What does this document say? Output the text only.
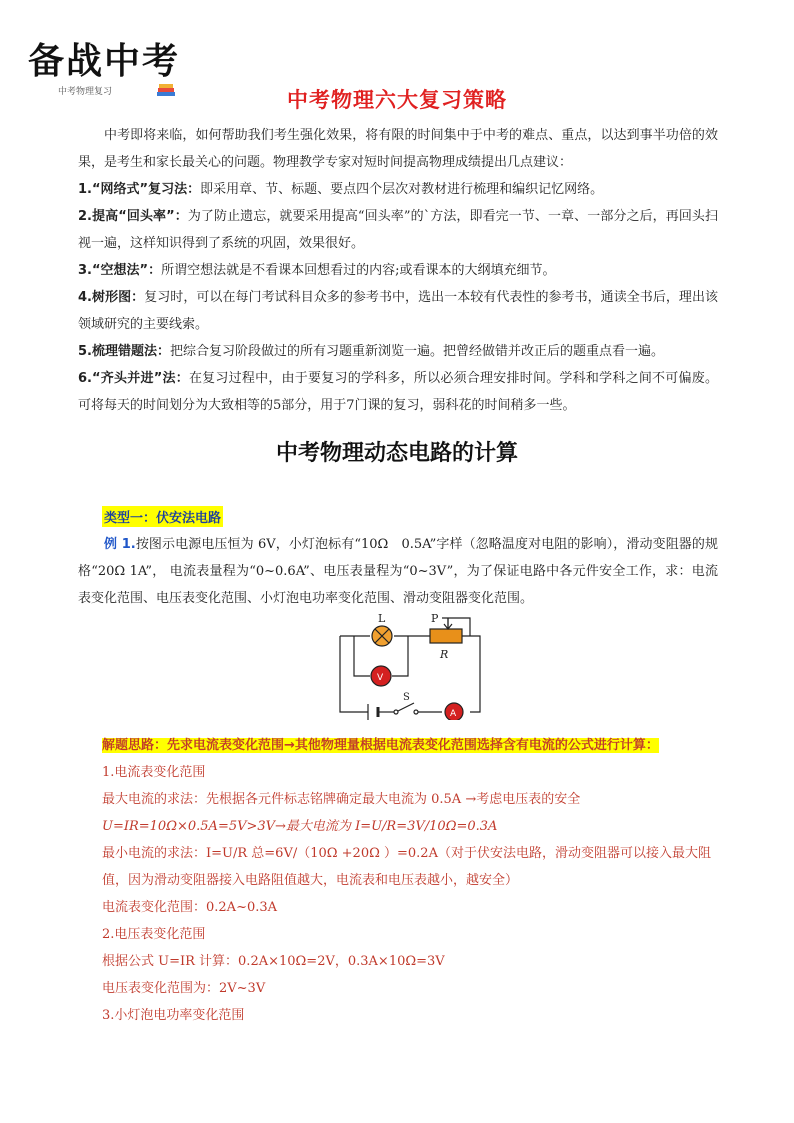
备战中考
中考物理复习	中考物理六大复习策略

中考即将来临，如何帮助我们考生强化效果，将有限的时间集中于中考的难点、重点，以达到事半功倍的效果，是考生和家长最关心的问题。物理教学专家对短时间提高物理成绩提出几点建议：

1.“网络式”复习法：即采用章、节、标题、要点四个层次对教材进行梳理和编织记忆网络。

2.提高“回头率”：为了防止遗忘，就要采用提高“回头率”的`方法，即看完一节、一章、一部分之后，再回头扫视一遍，这样知识得到了系统的巩固，效果很好。

3.“空想法”：所谓空想法就是不看课本回想看过的内容;或看课本的大纲填充细节。

4.树形图：复习时，可以在每门考试科目众多的参考书中，选出一本较有代表性的参考书，通读全书后，理出该领域研究的主要线索。

5.梳理错题法：把综合复习阶段做过的所有习题重新浏览一遍。把曾经做错并改正后的题重点看一遍。

6.“齐头并进”法：在复习过程中，由于要复习的学科多，所以必须合理安排时间。学科和学科之间不可偏废。可将每天的时间划分为大致相等的5部分，用于7门课的复习，弱科花的时间稍多一些。

中考物理动态电路的计算
类型一：伏安法电路

例 1.按图示电源电压恒为 6V，小灯泡标有“10Ω　0.5A”字样（忽略温度对电阻的影响），滑动变阻器的规格“20Ω 1A”， 电流表量程为“0~0.6A”、电压表量程为“0~3V”，为了保证电路中各元件安全工作，求：电流表变化范围、电压表变化范围、小灯泡电功率变化范围、滑动变阻器变化范围。

L	P
R
V
S
A

解题思路：先求电流表变化范围→其他物理量根据电流表变化范围选择含有电流的公式进行计算：

1.电流表变化范围

最大电流的求法：先根据各元件标志铭牌确定最大电流为 0.5A →考虑电压表的安全

U=IR=10Ω×0.5A=5V>3V→最大电流为 I=U/R=3V/10Ω=0.3A

最小电流的求法：I=U/R 总=6V/（10Ω +20Ω ）=0.2A（对于伏安法电路，滑动变阻器可以接入最大阻值，因为滑动变阻器接入电路阻值越大，电流表和电压表越小，越安全）

电流表变化范围：0.2A~0.3A

2.电压表变化范围

根据公式 U=IR 计算：0.2A×10Ω=2V，0.3A×10Ω=3V

电压表变化范围为：2V~3V

3.小灯泡电功率变化范围
